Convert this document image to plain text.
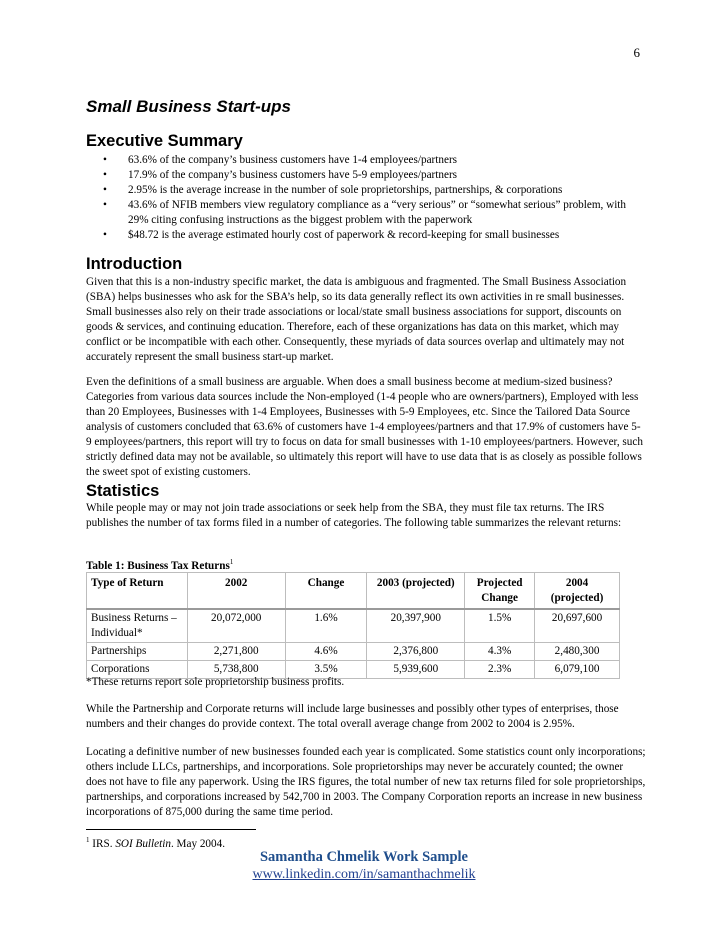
6
Small Business Start-ups
Executive Summary
• 63.6% of the company’s business customers have 1-4 employees/partners
• 17.9% of the company’s business customers have 5-9 employees/partners
• 2.95% is the average increase in the number of sole proprietorships, partnerships, & corporations
• 43.6% of NFIB members view regulatory compliance as a “very serious” or “somewhat serious” problem, with 29% citing confusing instructions as the biggest problem with the paperwork
• $48.72 is the average estimated hourly cost of paperwork & record-keeping for small businesses
Introduction

Given that this is a non-industry specific market, the data is ambiguous and fragmented. The Small Business Association (SBA) helps businesses who ask for the SBA’s help, so its data generally reflect its own activities in re small businesses. Small businesses also rely on their trade associations or local/state small business associations for support, discounts on goods & services, and continuing education. Therefore, each of these organizations has data on this market, which may conflict or be incompatible with each other. Consequently, these myriads of data sources overlap and ultimately may not accurately represent the small business start-up market.

Even the definitions of a small business are arguable. When does a small business become at medium-sized business? Categories from various data sources include the Non-employed (1-4 people who are owners/partners), Employed with less than 20 Employees, Businesses with 1-4 Employees, Businesses with 5-9 Employees, etc. Since the Tailored Data Source analysis of customers concluded that 63.6% of customers have 1-4 employees/partners and that 17.9% of customers have 5-9 employees/partners, this report will try to focus on data for small businesses with 1-10 employees/partners. However, such strictly defined data may not be available, so ultimately this report will have to use data that is as closely as possible follows the sweet spot of existing customers.

Statistics

While people may or may not join trade associations or seek help from the SBA, they must file tax returns. The IRS publishes the number of tax forms filed in a number of categories. The following table summarizes the relevant returns:

Table 1: Business Tax Returns$^1$
Type of Return	2002	Change	2003 (projected)	Projected Change	2004 (projected)
Business Returns – Individual*	20,072,000	1.6%	20,397,900	1.5%	20,697,600
Partnerships	2,271,800	4.6%	2,376,800	4.3%	2,480,300
Corporations	5,738,800	3.5%	5,939,600	2.3%	6,079,100

*These returns report sole proprietorship business profits.

While the Partnership and Corporate returns will include large businesses and possibly other types of enterprises, those numbers and their changes do provide context. The total overall average change from 2002 to 2004 is 2.95%.

Locating a definitive number of new businesses founded each year is complicated. Some statistics count only incorporations; others include LLCs, partnerships, and incorporations. Sole proprietorships may never be accurately counted; the owner does not have to file any paperwork. Using the IRS figures, the total number of new tax returns filed for sole proprietorships, partnerships, and corporations increased by 542,700 in 2003. The Company Corporation reports an increase in new business incorporations of 875,000 during the same time period.

$^1$ IRS. SOI Bulletin. May 2004.
Samantha Chmelik Work Sample
www.linkedin.com/in/samanthachmelik
